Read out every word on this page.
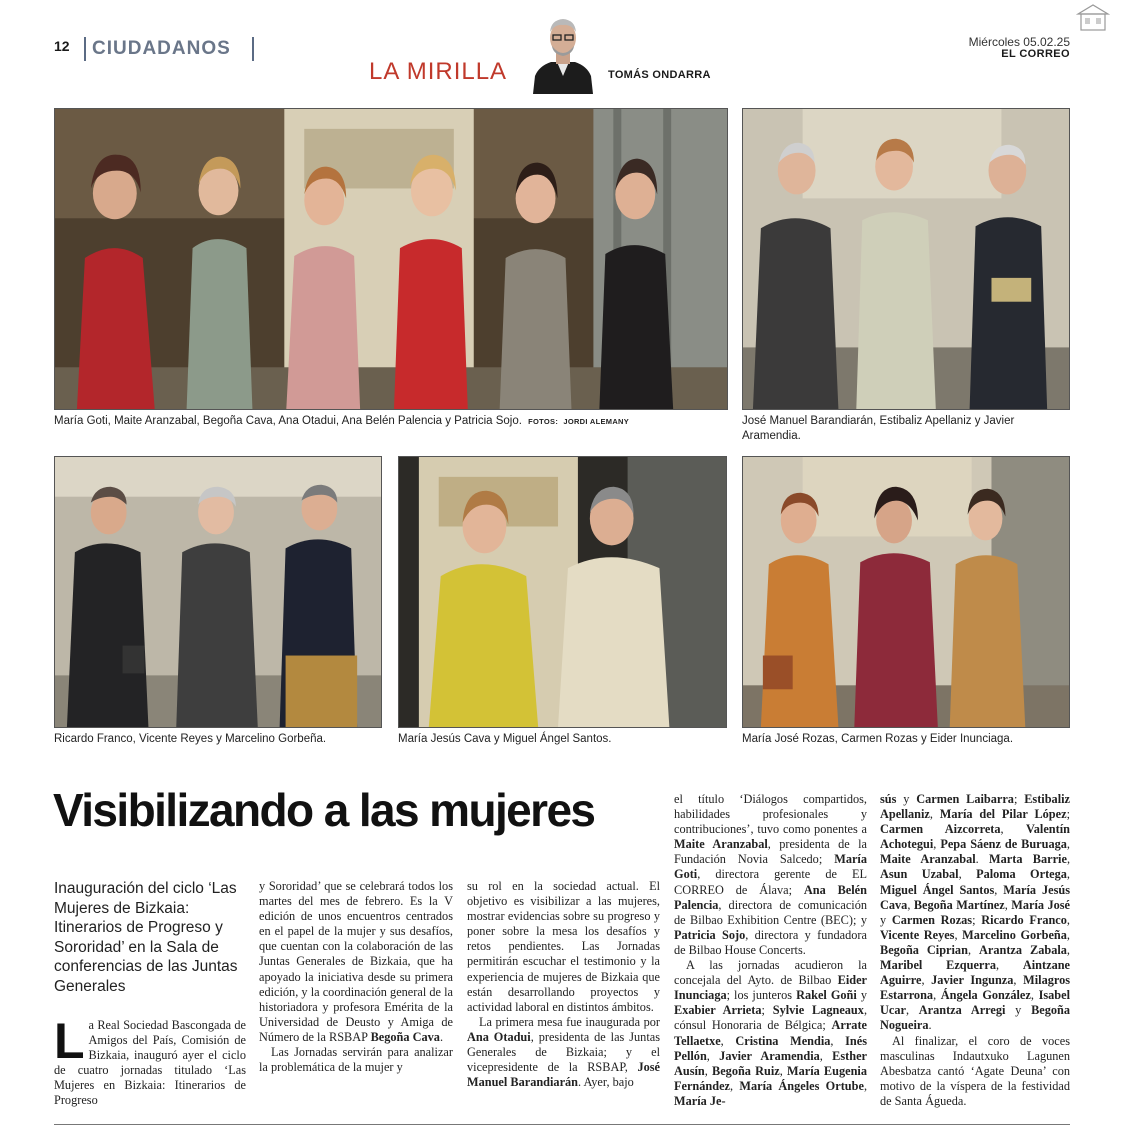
12 CIUDADANOS
LA MIRILLA	TOMÁS ONDARRA
Miércoles 05.02.25
EL CORREO
María Goti, Maite Aranzabal, Begoña Cava, Ana Otadui, Ana Belén Palencia y Patricia Sojo. FOTOS: JORDI ALEMANY	José Manuel Barandiarán, Estibaliz Apellaniz y Javier Aramendia.
Ricardo Franco, Vicente Reyes y Marcelino Gorbeña.	María Jesús Cava y Miguel Ángel Santos.	María José Rozas, Carmen Rozas y Eider Inunciaga.
Visibilizando a las mujeres
Inauguración del ciclo ‘Las Mujeres de Bizkaia: Itinerarios de Progreso y Sororidad’ en la Sala de conferencias de las Juntas Generales

La Real Sociedad Bascongada de Amigos del País, Comisión de Bizkaia, inauguró ayer el ciclo de cuatro jornadas titulado ‘Las Mujeres en Bizkaia: Itinerarios de Progreso

y Sororidad’ que se celebrará todos los martes del mes de febrero. Es la V edición de unos encuentros centrados en el papel de la mujer y sus desafíos, que cuentan con la colaboración de las Juntas Generales de Bizkaia, que ha apoyado la iniciativa desde su primera edición, y la coordinación general de la historiadora y profesora Emérita de la Universidad de Deusto y Amiga de Número de la RSBAP Begoña Cava.

Las Jornadas servirán para analizar la problemática de la mujer y

su rol en la sociedad actual. El objetivo es visibilizar a las mujeres, mostrar evidencias sobre su progreso y poner sobre la mesa los desafíos y retos pendientes. Las Jornadas permitirán escuchar el testimonio y la experiencia de mujeres de Bizkaia que están desarrollando proyectos y actividad laboral en distintos ámbitos.

La primera mesa fue inaugurada por Ana Otadui, presidenta de las Juntas Generales de Bizkaia; y el vicepresidente de la RSBAP, José Manuel Barandiarán. Ayer, bajo

el título ‘Diálogos compartidos, habilidades profesionales y contribuciones’, tuvo como ponentes a Maite Aranzabal, presidenta de la Fundación Novia Salcedo; María Goti, directora gerente de EL CORREO de Álava; Ana Belén Palencia, directora de comunicación de Bilbao Exhibition Centre (BEC); y Patricia Sojo, directora y fundadora de Bilbao House Concerts.

A las jornadas acudieron la concejala del Ayto. de Bilbao Eider Inunciaga; los junteros Rakel Goñi y Exabier Arrieta; Sylvie Lagneaux, cónsul Honoraria de Bélgica; Arrate Tellaetxe, Cristina Mendia, Inés Pellón, Javier Aramendia, Esther Ausín, Begoña Ruiz, María Eugenia Fernández, María Ángeles Ortube, María Je-

sús y Carmen Laibarra; Estibaliz Apellaniz, María del Pilar López; Carmen Aizcorreta, Valentín Achotegui, Pepa Sáenz de Buruaga, Maite Aranzabal. Marta Barrie, Asun Uzabal, Paloma Ortega, Miguel Ángel Santos, María Jesús Cava, Begoña Martínez, María José y Carmen Rozas; Ricardo Franco, Vicente Reyes, Marcelino Gorbeña, Begoña Ciprian, Arantza Zabala, Maribel Ezquerra, Aintzane Aguirre, Javier Ingunza, Milagros Estarrona, Ángela González, Isabel Ucar, Arantza Arregi y Begoña Nogueira.

Al finalizar, el coro de voces masculinas Indautxuko Lagunen Abesbatza cantó ‘Agate Deuna’ con motivo de la víspera de la festividad de Santa Águeda.
